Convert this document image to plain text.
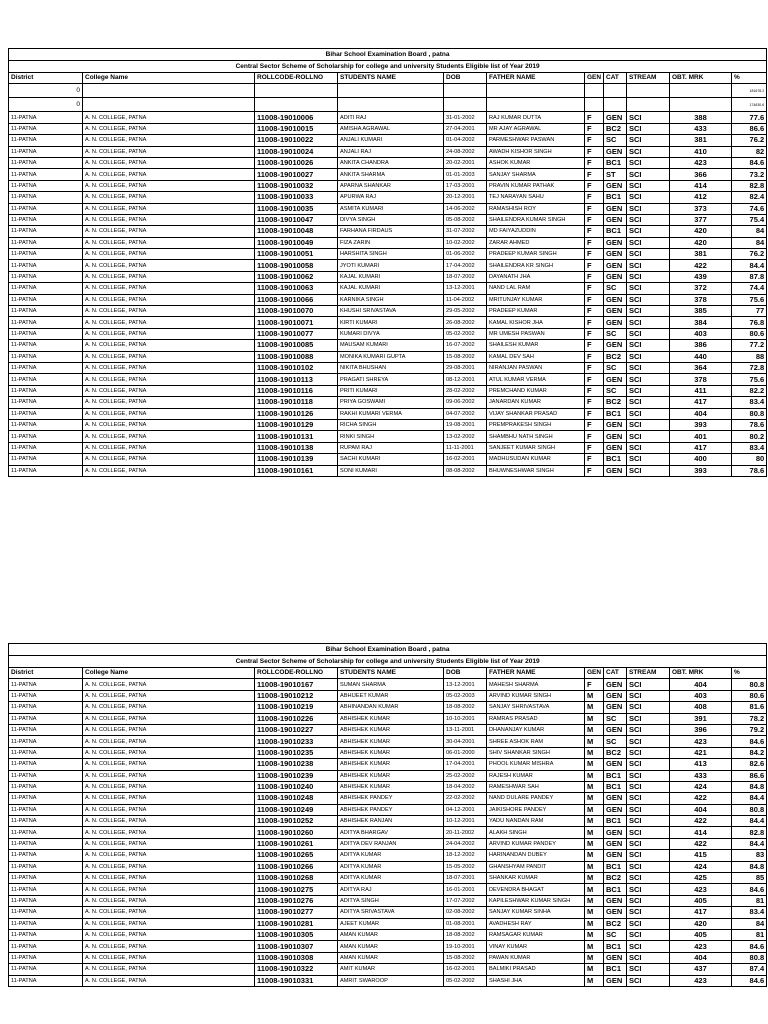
Bihar School Examination Board , patna										
Central Sector Scheme of Scholarship for college and university Students Eligible list of Year 2019										
District	College Name	ROLLCODE-ROLLNO	STUDENTS NAME	DOB	FATHER NAME	GEN	CAT	STREAM	OBT. MRK	%
0										181678.2
0										174630.6
11-PATNA	A. N. COLLEGE, PATNA	11008-19010006	ADITI RAJ	31-01-2002	RAJ KUMAR DUTTA	F	GEN	SCI	388	77.6
11-PATNA	A. N. COLLEGE, PATNA	11008-19010015	AMISHA AGRAWAL	27-04-2001	MR AJAY AGRAWAL	F	BC2	SCI	433	86.6
11-PATNA	A. N. COLLEGE, PATNA	11008-19010022	ANJALI KUMARI	01-04-2002	PARMESHWAR PASWAN	F	SC	SCI	381	76.2
11-PATNA	A. N. COLLEGE, PATNA	11008-19010024	ANJALI RAJ	24-08-2002	AWADH KISHOR SINGH	F	GEN	SCI	410	82
11-PATNA	A. N. COLLEGE, PATNA	11008-19010026	ANKITA CHANDRA	20-02-2001	ASHOK KUMAR	F	BC1	SCI	423	84.6
11-PATNA	A. N. COLLEGE, PATNA	11008-19010027	ANKITA SHARMA	01-01-2003	SANJAY SHARMA	F	ST	SCI	366	73.2
11-PATNA	A. N. COLLEGE, PATNA	11008-19010032	APARNA SHANKAR	17-03-2001	PRAVIN KUMAR PATHAK	F	GEN	SCI	414	82.8
11-PATNA	A. N. COLLEGE, PATNA	11008-19010033	APURWA RAJ	20-12-2001	TEJ NARAYAN SAHU	F	BC1	SCI	412	82.4
11-PATNA	A. N. COLLEGE, PATNA	11008-19010035	ASMITA KUMARI	14-06-2002	RAMASHISH ROY	F	GEN	SCI	373	74.6
11-PATNA	A. N. COLLEGE, PATNA	11008-19010047	DIVYA SINGH	05-08-2002	SHAILENDRA KUMAR SINGH	F	GEN	SCI	377	75.4
11-PATNA	A. N. COLLEGE, PATNA	11008-19010048	FARHANA FIRDAUS	31-07-2002	MD FAIYAZUDDIN	F	BC1	SCI	420	84
11-PATNA	A. N. COLLEGE, PATNA	11008-19010049	FIZA ZARIN	10-02-2002	ZARAR AHMED	F	GEN	SCI	420	84
11-PATNA	A. N. COLLEGE, PATNA	11008-19010051	HARSHITA SINGH	01-06-2002	PRADEEP KUMAR SINGH	F	GEN	SCI	381	76.2
11-PATNA	A. N. COLLEGE, PATNA	11008-19010058	JYOTI KUMARI	17-04-2002	SHAILENDRA KR SINGH	F	GEN	SCI	422	84.4
11-PATNA	A. N. COLLEGE, PATNA	11008-19010062	KAJAL KUMARI	18-07-2002	DAYANATH JHA	F	GEN	SCI	439	87.8
11-PATNA	A. N. COLLEGE, PATNA	11008-19010063	KAJAL KUMARI	13-12-2001	NAND LAL RAM	F	SC	SCI	372	74.4
11-PATNA	A. N. COLLEGE, PATNA	11008-19010066	KARNIKA SINGH	11-04-2002	MRITUNJAY KUMAR	F	GEN	SCI	378	75.6
11-PATNA	A. N. COLLEGE, PATNA	11008-19010070	KHUSHI SRIVASTAVA	29-05-2002	PRADEEP KUMAR	F	GEN	SCI	385	77
11-PATNA	A. N. COLLEGE, PATNA	11008-19010071	KIRTI KUMARI	26-08-2002	KAMAL KISHOR JHA	F	GEN	SCI	384	76.8
11-PATNA	A. N. COLLEGE, PATNA	11008-19010077	KUMARI DIVYA	05-02-2002	MR UMESH PASWAN	F	SC	SCI	403	80.6
11-PATNA	A. N. COLLEGE, PATNA	11008-19010085	MAUSAM KUMARI	16-07-2002	SHAILESH KUMAR	F	GEN	SCI	386	77.2
11-PATNA	A. N. COLLEGE, PATNA	11008-19010088	MONIKA KUMARI GUPTA	15-08-2002	KAMAL DEV SAH	F	BC2	SCI	440	88
11-PATNA	A. N. COLLEGE, PATNA	11008-19010102	NIKITA BHUSHAN	29-08-2001	NIRANJAN PASWAN	F	SC	SCI	364	72.8
11-PATNA	A. N. COLLEGE, PATNA	11008-19010113	PRAGATI SHREYA	08-12-2001	ATUL KUMAR VERMA	F	GEN	SCI	378	75.6
11-PATNA	A. N. COLLEGE, PATNA	11008-19010116	PRITI KUMARI	28-02-2002	PREMCHAND KUMAR	F	SC	SCI	411	82.2
11-PATNA	A. N. COLLEGE, PATNA	11008-19010118	PRIYA GOSWAMI	09-06-2002	JANARDAN KUMAR	F	BC2	SCI	417	83.4
11-PATNA	A. N. COLLEGE, PATNA	11008-19010126	RAKHI KUMARI VERMA	04-07-2002	VIJAY SHANKAR PRASAD	F	BC1	SCI	404	80.8
11-PATNA	A. N. COLLEGE, PATNA	11008-19010129	RICHA SINGH	19-08-2001	PREMPRAKESH SINGH	F	GEN	SCI	393	78.6
11-PATNA	A. N. COLLEGE, PATNA	11008-19010131	RINKI SINGH	13-02-2002	SHAMBHU NATH SINGH	F	GEN	SCI	401	80.2
11-PATNA	A. N. COLLEGE, PATNA	11008-19010138	RUPAM RAJ	11-11-2001	SANJEET KUMAR SINGH	F	GEN	SCI	417	83.4
11-PATNA	A. N. COLLEGE, PATNA	11008-19010139	SACHI KUMARI	16-02-2001	MADHUSUDAN KUMAR	F	BC1	SCI	400	80
11-PATNA	A. N. COLLEGE, PATNA	11008-19010161	SONI KUMARI	08-08-2002	BHUWNESHWAR SINGH	F	GEN	SCI	393	78.6
Bihar School Examination Board , patna										
Central Sector Scheme of Scholarship for college and university Students Eligible list of Year 2019										
District	College Name	ROLLCODE-ROLLNO	STUDENTS NAME	DOB	FATHER NAME	GEN	CAT	STREAM	OBT. MRK	%
11-PATNA	A. N. COLLEGE, PATNA	11008-19010167	SUMAN SHARMA	13-12-2001	MAHESH SHARMA	F	GEN	SCI	404	80.8
11-PATNA	A. N. COLLEGE, PATNA	11008-19010212	ABHIJEET KUMAR	05-02-2003	ARVIND KUMAR SINGH	M	GEN	SCI	403	80.6
11-PATNA	A. N. COLLEGE, PATNA	11008-19010219	ABHINANDAN KUMAR	18-08-2002	SANJAY SHRIVASTAVA	M	GEN	SCI	408	81.6
11-PATNA	A. N. COLLEGE, PATNA	11008-19010226	ABHISHEK KUMAR	10-10-2001	RAMRAS PRASAD	M	SC	SCI	391	78.2
11-PATNA	A. N. COLLEGE, PATNA	11008-19010227	ABHISHEK KUMAR	13-11-2001	DHANANJAY KUMAR	M	GEN	SCI	396	79.2
11-PATNA	A. N. COLLEGE, PATNA	11008-19010233	ABHISHEK KUMAR	30-04-2001	SHREE ASHOK RAM	M	SC	SCI	423	84.6
11-PATNA	A. N. COLLEGE, PATNA	11008-19010235	ABHISHEK KUMAR	06-01-2000	SHIV SHANKAR SINGH	M	BC2	SCI	421	84.2
11-PATNA	A. N. COLLEGE, PATNA	11008-19010238	ABHISHEK KUMAR	17-04-2001	PHOOL KUMAR MISHRA	M	GEN	SCI	413	82.6
11-PATNA	A. N. COLLEGE, PATNA	11008-19010239	ABHISHEK KUMAR	25-02-2002	RAJESH KUMAR	M	BC1	SCI	433	86.6
11-PATNA	A. N. COLLEGE, PATNA	11008-19010240	ABHISHEK KUMAR	18-04-2002	RAMESHWAR SAH	M	BC1	SCI	424	84.8
11-PATNA	A. N. COLLEGE, PATNA	11008-19010248	ABHISHEK PANDEY	22-02-2002	NAND DULARE PANDEY	M	GEN	SCI	422	84.4
11-PATNA	A. N. COLLEGE, PATNA	11008-19010249	ABHISHEK PANDEY	04-12-2001	JAIKISHORE PANDEY	M	GEN	SCI	404	80.8
11-PATNA	A. N. COLLEGE, PATNA	11008-19010252	ABHISHEK RANJAN	10-12-2001	YADU NANDAN RAM	M	BC1	SCI	422	84.4
11-PATNA	A. N. COLLEGE, PATNA	11008-19010260	ADITYA BHARGAV	20-11-2002	ALAKH SINGH	M	GEN	SCI	414	82.8
11-PATNA	A. N. COLLEGE, PATNA	11008-19010261	ADITYA DEV RANJAN	24-04-2002	ARVIND KUMAR PANDEY	M	GEN	SCI	422	84.4
11-PATNA	A. N. COLLEGE, PATNA	11008-19010265	ADITYA KUMAR	18-12-2002	HARINANDAN DUBEY	M	GEN	SCI	415	83
11-PATNA	A. N. COLLEGE, PATNA	11008-19010266	ADITYA KUMAR	15-05-2002	GHANSHYAM PANDIT	M	BC1	SCI	424	84.8
11-PATNA	A. N. COLLEGE, PATNA	11008-19010268	ADITYA KUMAR	18-07-2001	SHANKAR KUMAR	M	BC2	SCI	425	85
11-PATNA	A. N. COLLEGE, PATNA	11008-19010275	ADITYA RAJ	16-01-2001	DEVENDRA BHAGAT	M	BC1	SCI	423	84.6
11-PATNA	A. N. COLLEGE, PATNA	11008-19010276	ADITYA SINGH	17-07-2002	KAPILESHWAR KUMAR SINGH	M	GEN	SCI	405	81
11-PATNA	A. N. COLLEGE, PATNA	11008-19010277	ADITYA SRIVASTAVA	02-08-2002	SANJAY KUMAR SINHA	M	GEN	SCI	417	83.4
11-PATNA	A. N. COLLEGE, PATNA	11008-19010281	AJEET KUMAR	01-08-2001	AVADHESH RAY	M	BC2	SCI	420	84
11-PATNA	A. N. COLLEGE, PATNA	11008-19010305	AMAN KUMAR	18-08-2002	RAMSAGAR KUMAR	M	SC	SCI	405	81
11-PATNA	A. N. COLLEGE, PATNA	11008-19010307	AMAN KUMAR	19-10-2001	VINAY KUMAR	M	BC1	SCI	423	84.6
11-PATNA	A. N. COLLEGE, PATNA	11008-19010308	AMAN KUMAR	15-08-2002	PAWAN KUMAR	M	GEN	SCI	404	80.8
11-PATNA	A. N. COLLEGE, PATNA	11008-19010322	AMIT KUMAR	16-02-2001	BALMIKI PRASAD	M	BC1	SCI	437	87.4
11-PATNA	A. N. COLLEGE, PATNA	11008-19010331	AMRIT SWAROOP	05-02-2002	SHASHI JHA	M	GEN	SCI	423	84.6
